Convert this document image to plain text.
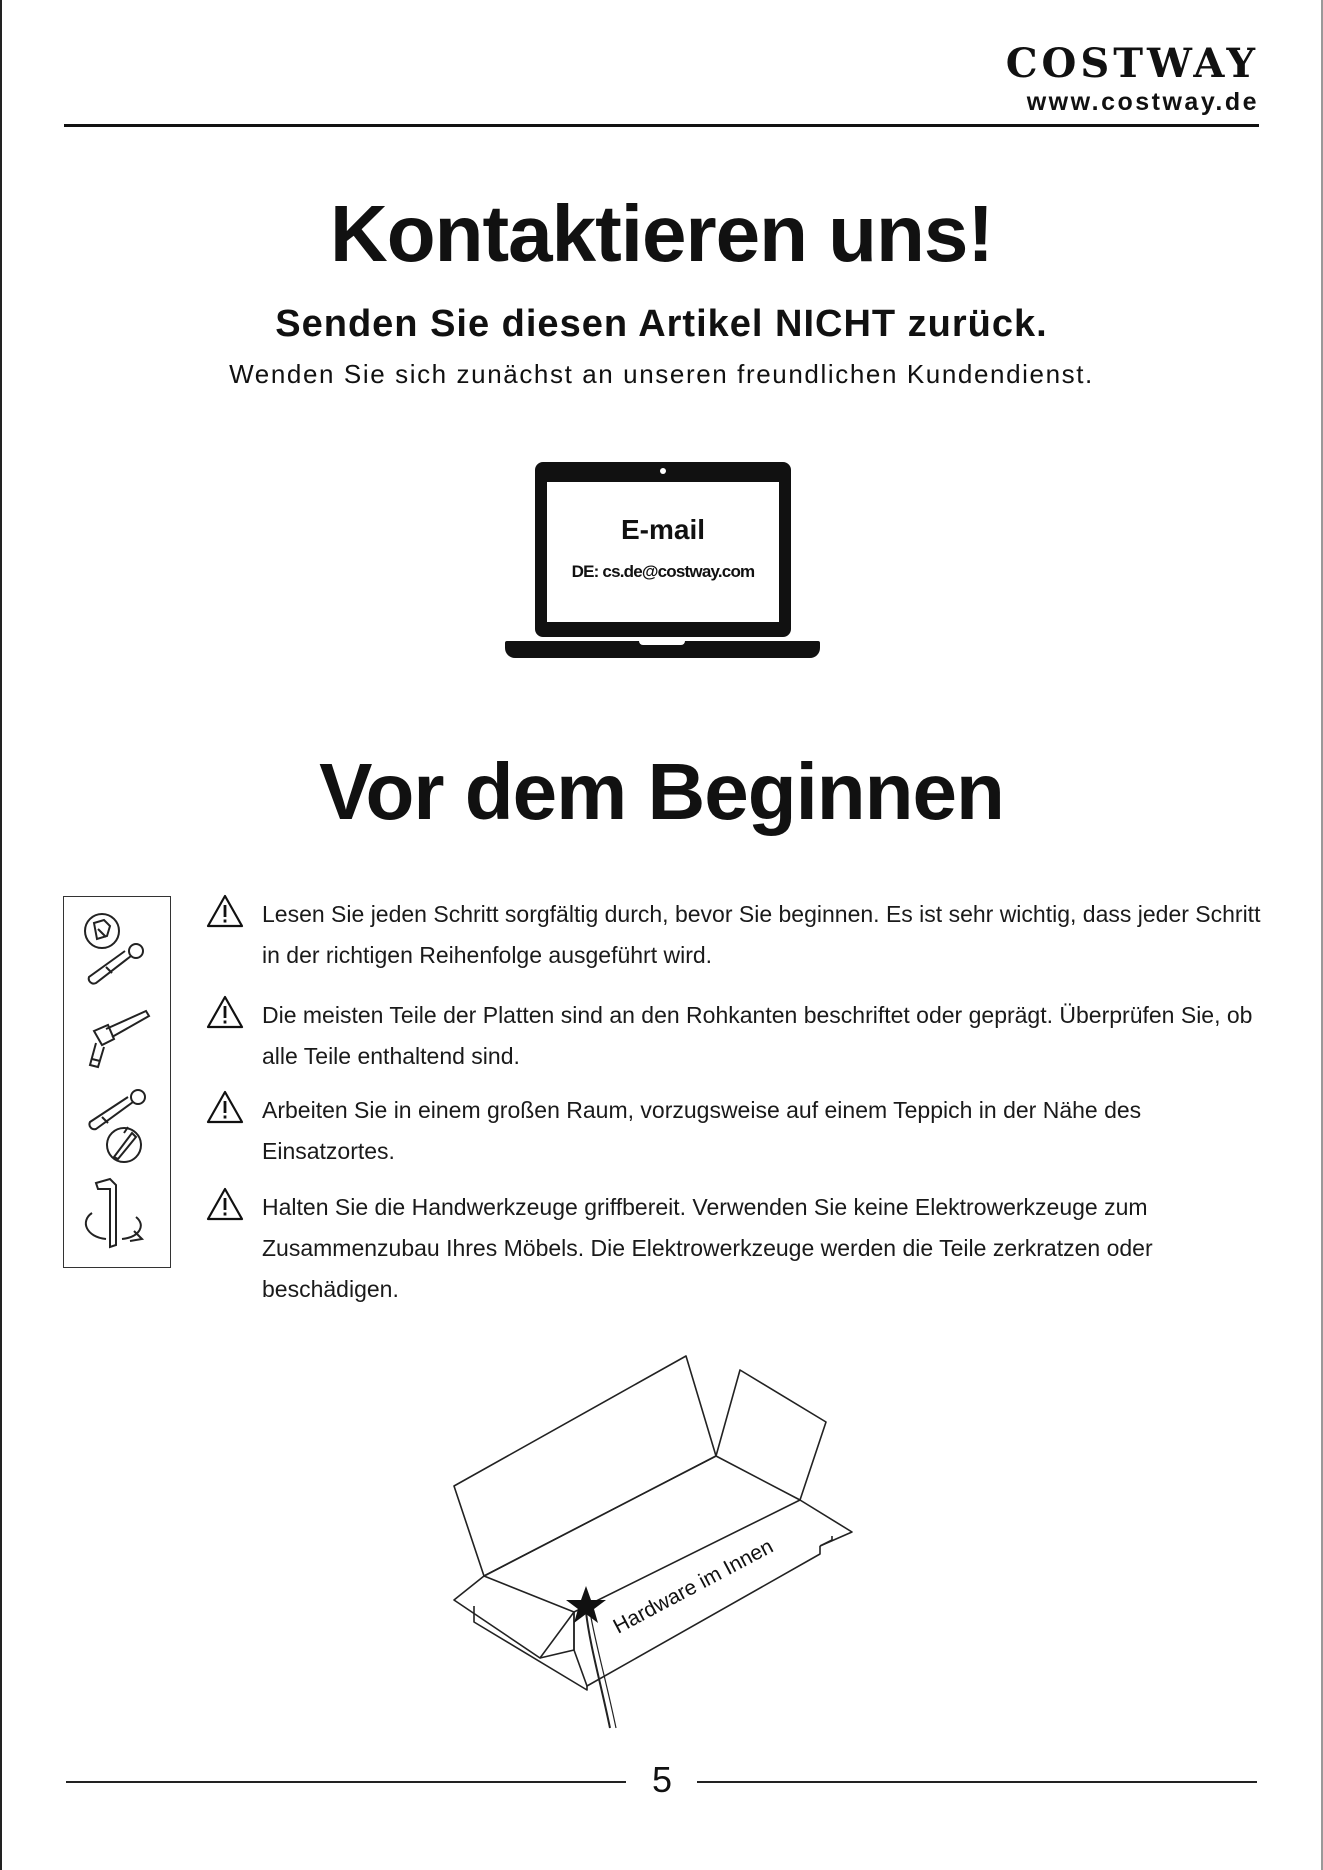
COSTWAY
www.costway.de
Kontaktieren uns!
Senden Sie diesen Artikel NICHT zurück.
Wenden Sie sich zunächst an unseren freundlichen Kundendienst.
E-mail
DE: cs.de@costway.com
Vor dem Beginnen
Lesen Sie jeden Schritt sorgfältig durch, bevor Sie beginnen. Es ist sehr wichtig, dass jeder Schritt in der richtigen Reihenfolge ausgeführt wird.
Die meisten Teile der Platten sind an den Rohkanten beschriftet oder geprägt. Überprüfen Sie, ob alle Teile enthaltend sind.
Arbeiten Sie in einem großen Raum, vorzugsweise auf einem Teppich in der Nähe des Einsatzortes.
Halten Sie die Handwerkzeuge griffbereit. Verwenden Sie keine Elektrowerkzeuge zum Zusammenzubau Ihres Möbels. Die Elektrowerkzeuge werden die Teile zerkratzen oder beschädigen.
Hardware im Innen
5
